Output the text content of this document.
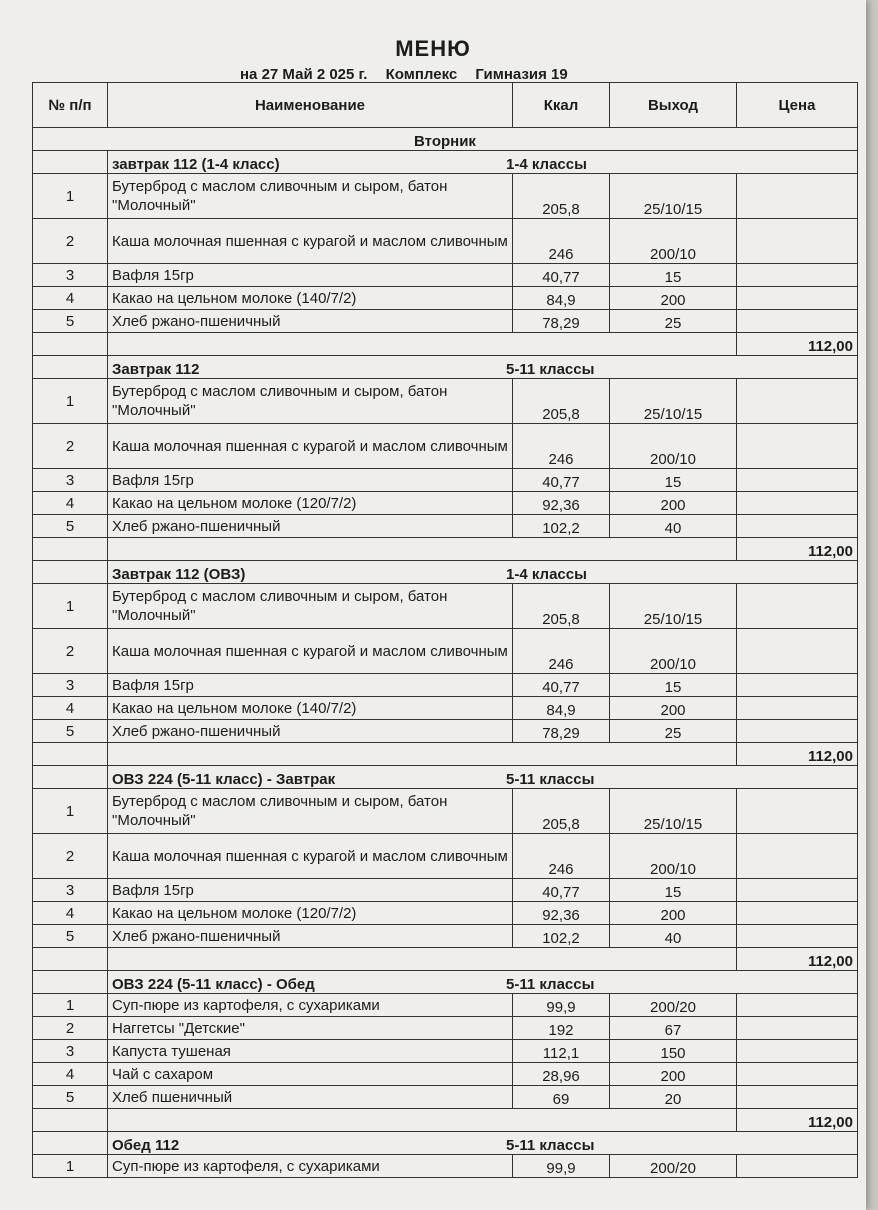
МЕНЮ
на 27 Май 2 025 г. Комплекс Гимназия 19
№ п/п	Наименование	Ккал	Выход	Цена
Вторник				

	завтрак 112 (1-4 класс) 1-4 классы			

1	Бутерброд с маслом сливочным и сыром, батон "Молочный"	205,8	25/10/15	
2	Каша молочная пшенная с курагой и маслом сливочным	246	200/10	
3	Вафля 15гр	40,77	15	
4	Какао на цельном молоке (140/7/2)	84,9	200	
5	Хлеб ржано-пшеничный	78,29	25	
				112,00

	Завтрак 112 5-11 классы			

1	Бутерброд с маслом сливочным и сыром, батон "Молочный"	205,8	25/10/15	
2	Каша молочная пшенная с курагой и маслом сливочным	246	200/10	
3	Вафля 15гр	40,77	15	
4	Какао на цельном молоке (120/7/2)	92,36	200	
5	Хлеб ржано-пшеничный	102,2	40	
				112,00

	Завтрак 112 (ОВЗ) 1-4 классы			

1	Бутерброд с маслом сливочным и сыром, батон "Молочный"	205,8	25/10/15	
2	Каша молочная пшенная с курагой и маслом сливочным	246	200/10	
3	Вафля 15гр	40,77	15	
4	Какао на цельном молоке (140/7/2)	84,9	200	
5	Хлеб ржано-пшеничный	78,29	25	
				112,00

	ОВЗ 224 (5-11 класс) - Завтрак 5-11 классы			

1	Бутерброд с маслом сливочным и сыром, батон "Молочный"	205,8	25/10/15	
2	Каша молочная пшенная с курагой и маслом сливочным	246	200/10	
3	Вафля 15гр	40,77	15	
4	Какао на цельном молоке (120/7/2)	92,36	200	
5	Хлеб ржано-пшеничный	102,2	40	
				112,00

	ОВЗ 224 (5-11 класс) - Обед 5-11 классы			

1	Суп-пюре из картофеля, с сухариками	99,9	200/20	
2	Наггетсы "Детские"	192	67	
3	Капуста тушеная	112,1	150	
4	Чай с сахаром	28,96	200	
5	Хлеб пшеничный	69	20	
				112,00

	Обед 112 5-11 классы			

1	Суп-пюре из картофеля, с сухариками	99,9	200/20	
